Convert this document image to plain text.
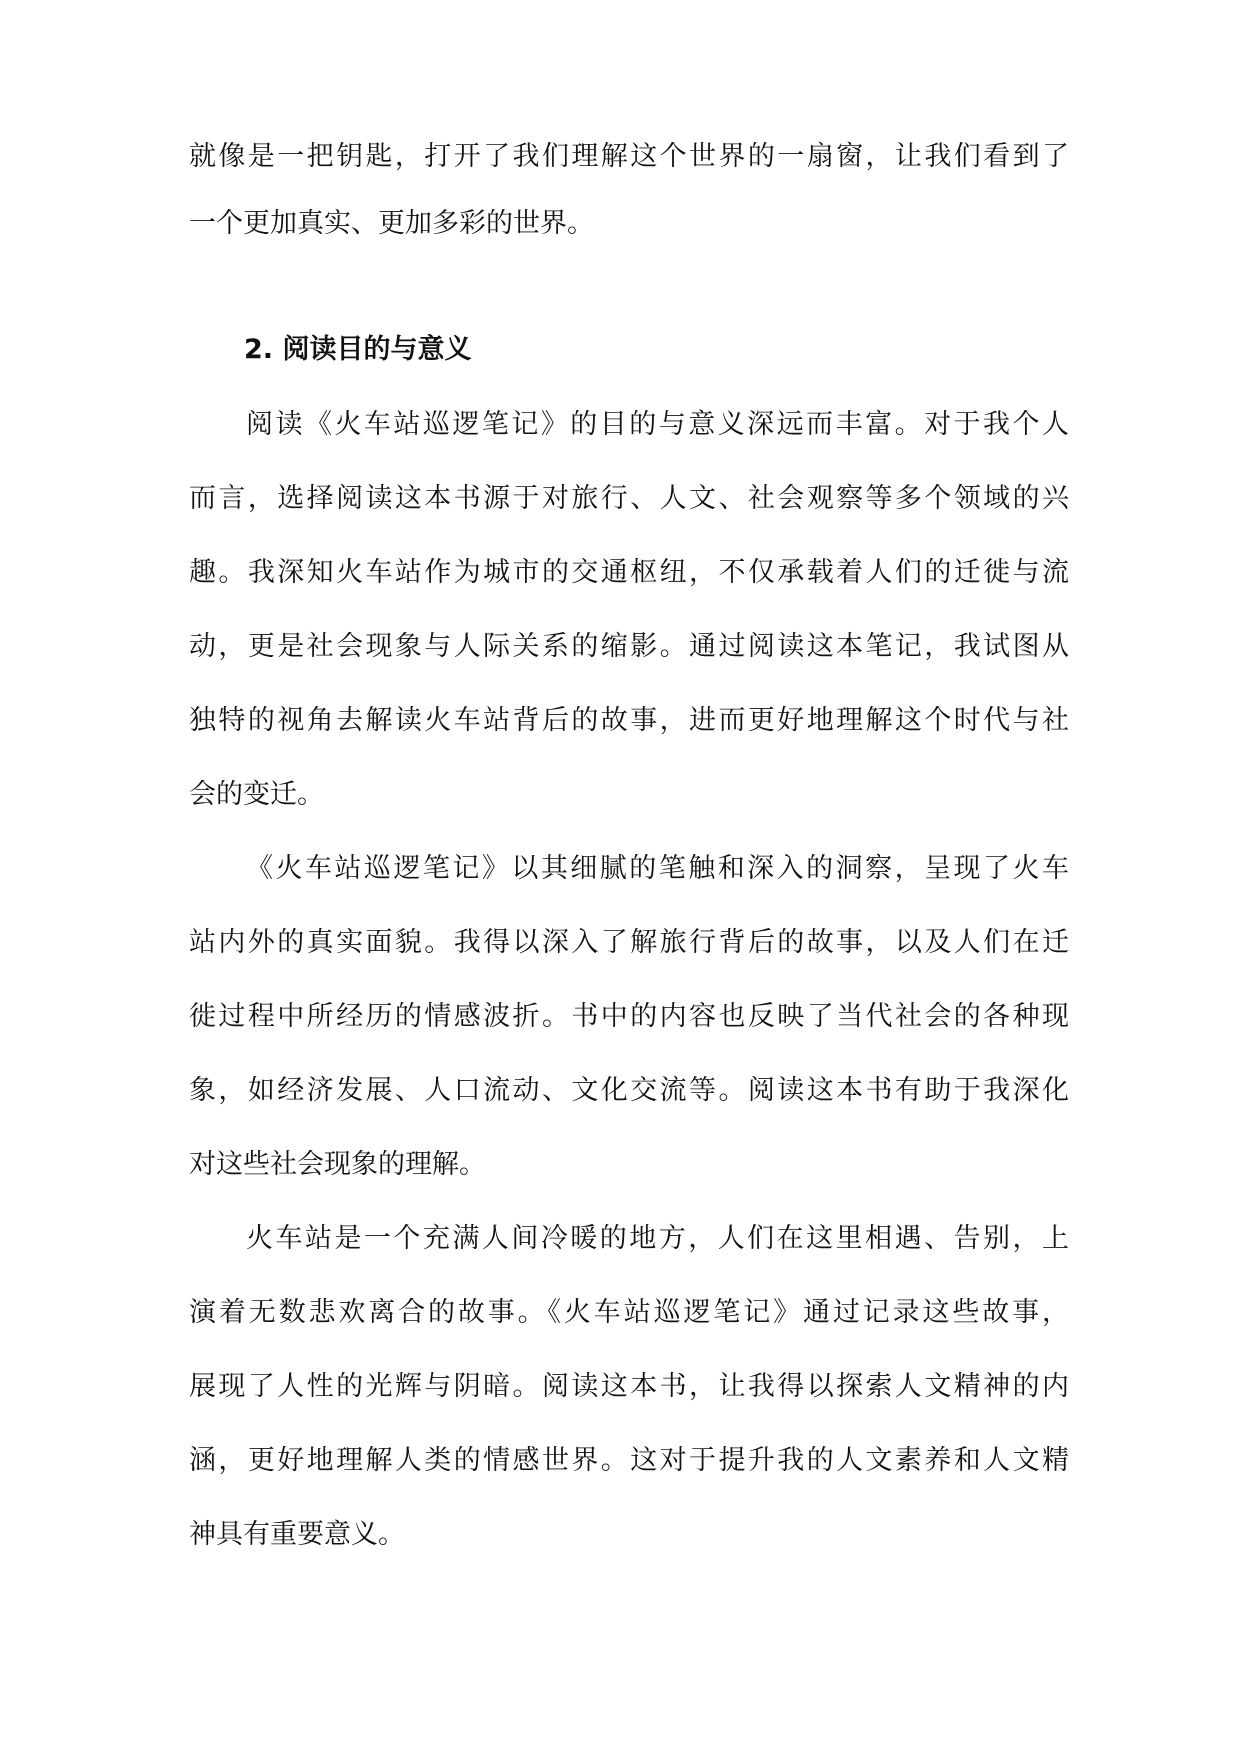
就像是一把钥匙，打开了我们理解这个世界的一扇窗，让我们看到了
一个更加真实、更加多彩的世界。
2. 阅读目的与意义
阅读《火车站巡逻笔记》的目的与意义深远而丰富。对于我个人
而言，选择阅读这本书源于对旅行、人文、社会观察等多个领域的兴
趣。我深知火车站作为城市的交通枢纽，不仅承载着人们的迁徙与流
动，更是社会现象与人际关系的缩影。通过阅读这本笔记，我试图从
独特的视角去解读火车站背后的故事，进而更好地理解这个时代与社
会的变迁。
《火车站巡逻笔记》以其细腻的笔触和深入的洞察，呈现了火车
站内外的真实面貌。我得以深入了解旅行背后的故事，以及人们在迁
徙过程中所经历的情感波折。书中的内容也反映了当代社会的各种现
象，如经济发展、人口流动、文化交流等。阅读这本书有助于我深化
对这些社会现象的理解。
火车站是一个充满人间冷暖的地方，人们在这里相遇、告别，上
演着无数悲欢离合的故事。《火车站巡逻笔记》通过记录这些故事，
展现了人性的光辉与阴暗。阅读这本书，让我得以探索人文精神的内
涵，更好地理解人类的情感世界。这对于提升我的人文素养和人文精
神具有重要意义。
